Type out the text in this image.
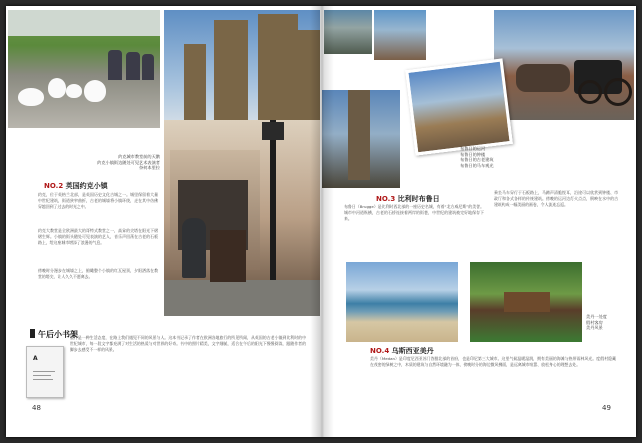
约克城市教堂前的天鹅
约克小镇街边随处可见艺术表演者
奈何本里拉
NO.2 英国约克小镇
约克，位于英格兰北部，是英国历史文化古城之一。城里保留着大量中世纪建筑，街道狭窄曲折，古老的城墙将小镇环绕，走在其中仿佛穿越回到了过去的时光之中。
约克大教堂是全欧洲最大的哥特式教堂之一，高耸的尖塔在阳光下熠熠生辉。小镇的街头随处可见表演的艺人，音乐声回荡在古老的石板路上，给这座城市增添了浪漫的气息。
傍晚时分漫步在城墙之上，俯瞰整个小镇的红瓦屋顶，夕阳洒落在教堂的塔尖，让人久久不愿离去。
午后小书架
A
旅行是一种生活态度，在路上我们遇见不同的风景与人。这本书记录了作者在欧洲各地旅行的所见所闻，从英国的古老小镇到比利时的中世纪城市，每一段文字都充满了对生活的热爱与对世界的好奇。书中的照片精美，文字细腻，适合在午后的阳光下慢慢阅读，跟随作者的脚步去感受不一样的风景。
48
布鲁日的运河
布鲁日的钟楼
布鲁日的古老建筑
布鲁日的马车观光
NO.3 比利时布鲁日
布鲁日（Brugge）是比利时西北部的一座历史名城，有着“北方威尼斯”的美誉。城市中河道纵横，古老的石桥连接着两岸的街巷，中世纪的建筑被完好地保存下来。
乘坐马车穿行于石板路上，马蹄声清脆悦耳，沿途可以欣赏到钟楼、市政厅和各式各样的传统建筑。傍晚的运河边灯火点点，倒映在水中的古建筑构成一幅美丽的画卷，令人流连忘返。
美丹一处度
假村客房
美丹风景
NO.4 乌斯西亚美丹
美丹（Medan）是印度尼西亚苏门答腊北部的首府，也是印尼第三大城市。这里气候温暖湿润，拥有美丽的海滩与热带雨林风光。度假村隐藏在茂密的绿树之中，木质的建筑与自然环境融为一体，傍晚时分的海边微风拂面，是远离城市喧嚣、放松身心的理想去处。
49
